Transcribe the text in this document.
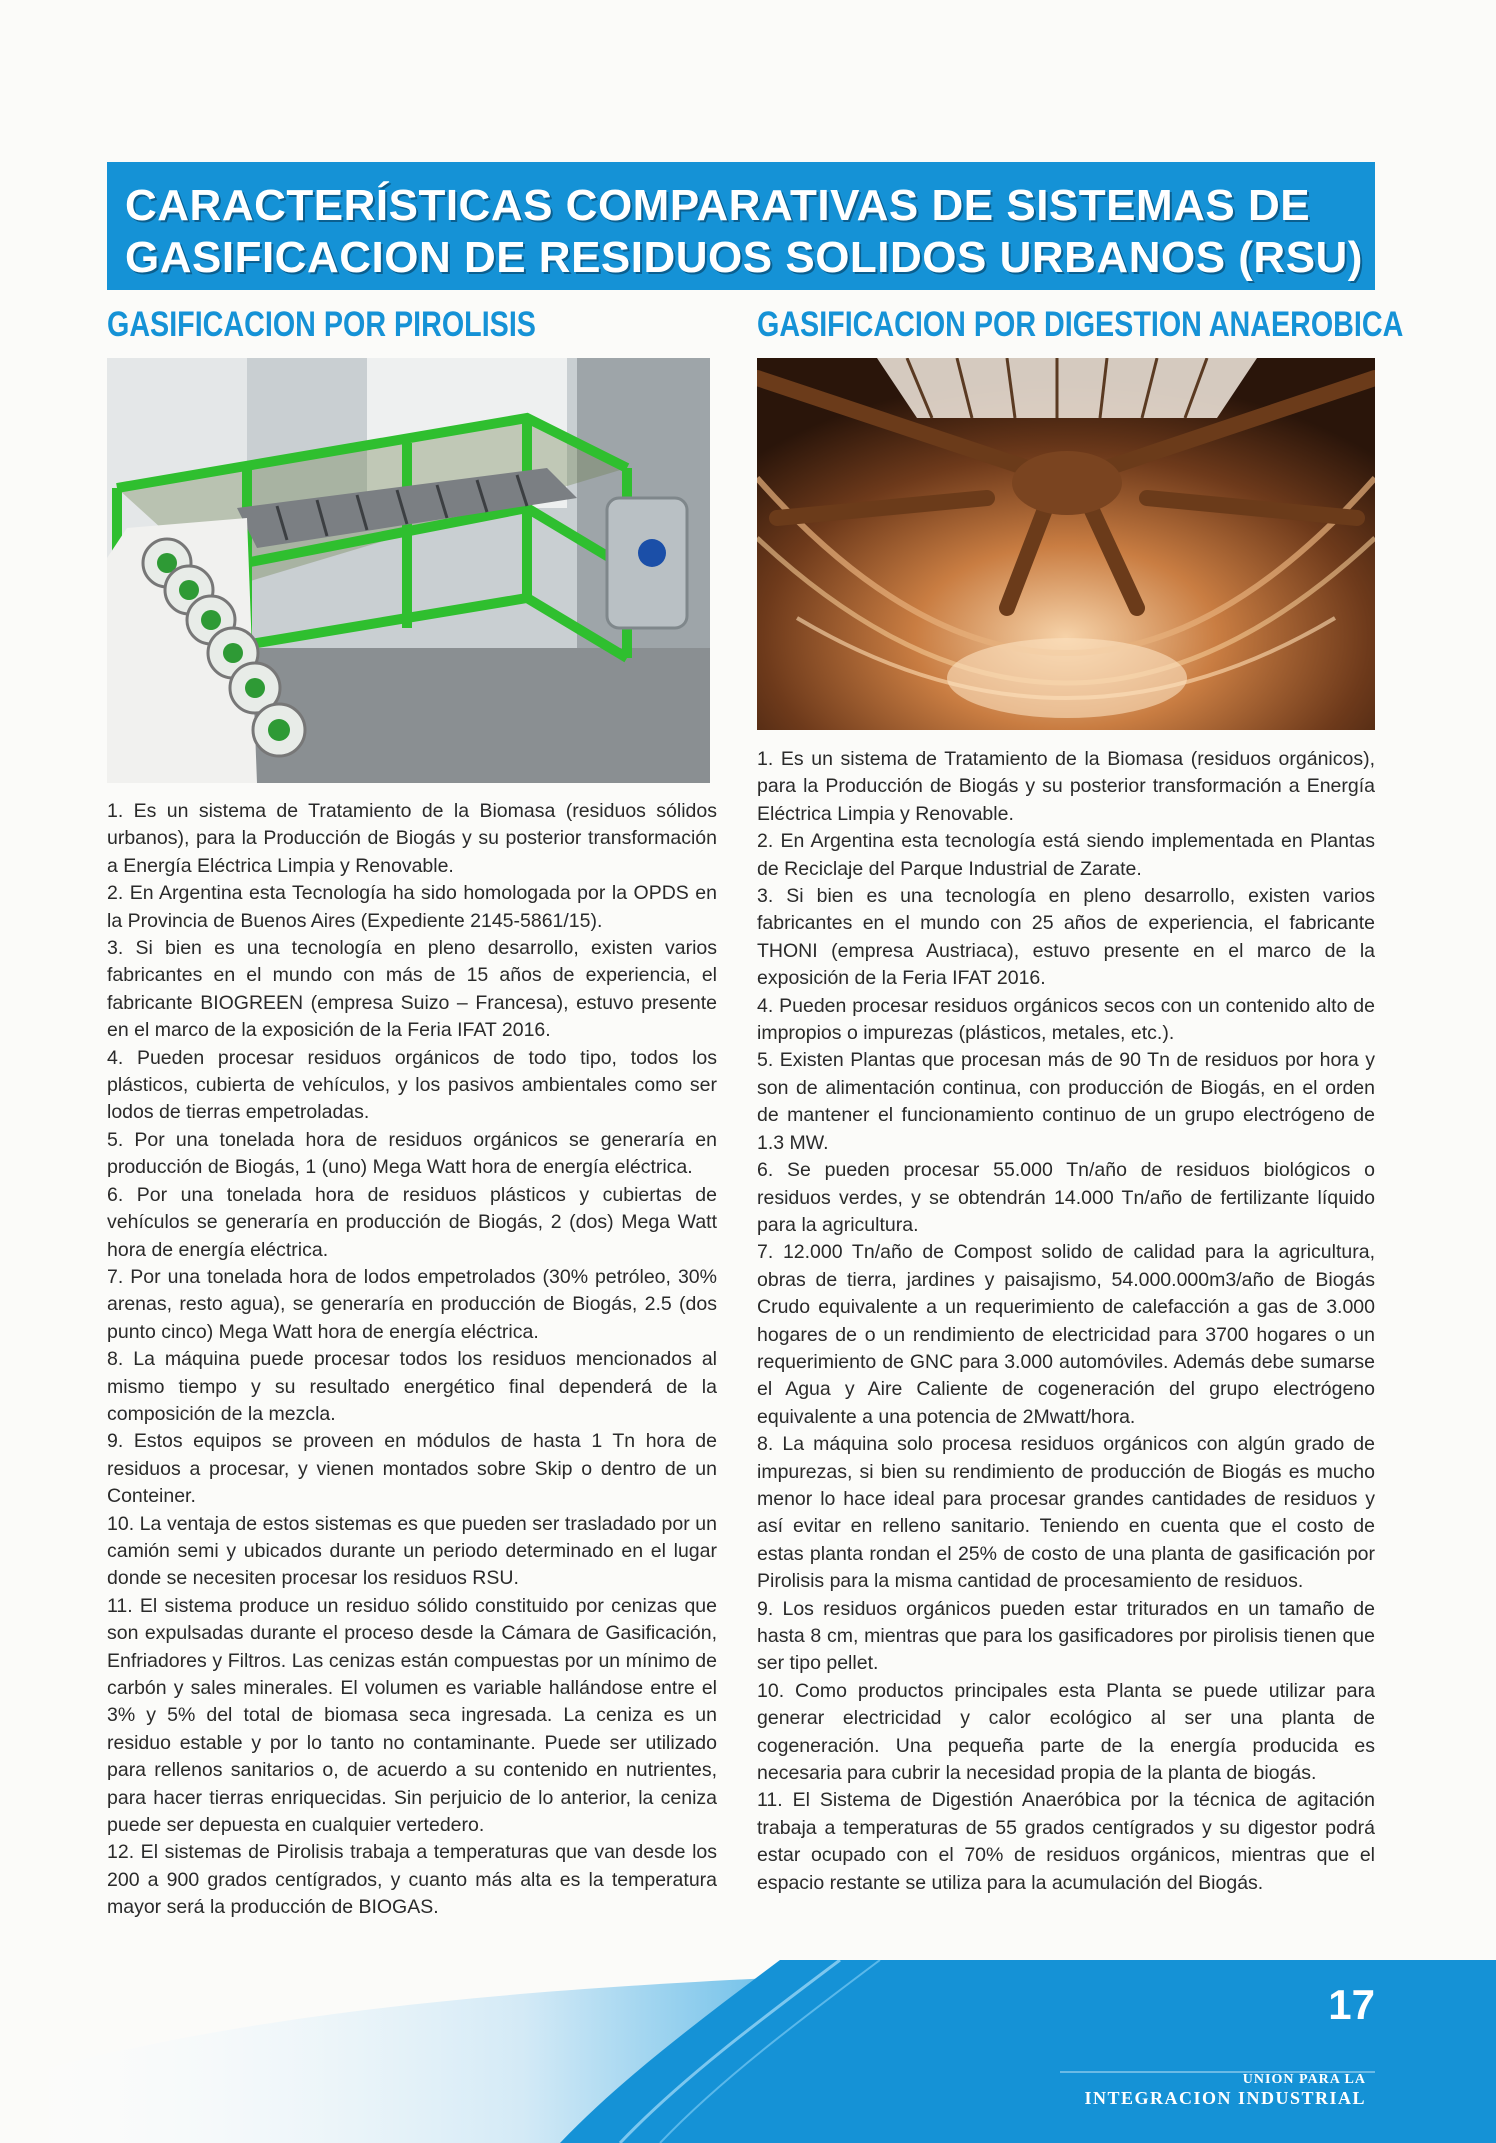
CARACTERÍSTICAS COMPARATIVAS DE SISTEMAS DE
GASIFICACION DE RESIDUOS SOLIDOS URBANOS (RSU)
GASIFICACION POR PIROLISIS	GASIFICACION POR DIGESTION ANAEROBICA

1. Es un sistema de Tratamiento de la Biomasa (residuos sólidos urbanos), para la Producción de Biogás y su posterior transformación a Energía Eléctrica Limpia y Renovable.

2. En Argentina esta Tecnología ha sido homologada por la OPDS en la Provincia de Buenos Aires (Expediente 2145-5861/15).

3. Si bien es una tecnología en pleno desarrollo, existen varios fabricantes en el mundo con más de 15 años de experiencia, el fabricante BIOGREEN (empresa Suizo – Francesa), estuvo presente en el marco de la exposición de la Feria IFAT 2016.

4. Pueden procesar residuos orgánicos de todo tipo, todos los plásticos, cubierta de vehículos, y los pasivos ambientales como ser lodos de tierras empetroladas.

5. Por una tonelada hora de residuos orgánicos se generaría en producción de Biogás, 1 (uno) Mega Watt hora de energía eléctrica.

6. Por una tonelada hora de residuos plásticos y cubiertas de vehículos se generaría en producción de Biogás, 2 (dos) Mega Watt hora de energía eléctrica.

7. Por una tonelada hora de lodos empetrolados (30% petróleo, 30% arenas, resto agua), se generaría en producción de Biogás, 2.5 (dos punto cinco) Mega Watt hora de energía eléctrica.

8. La máquina puede procesar todos los residuos mencionados al mismo tiempo y su resultado energético final dependerá de la composición de la mezcla.

9. Estos equipos se proveen en módulos de hasta 1 Tn hora de residuos a procesar, y vienen montados sobre Skip o dentro de un Conteiner.

10. La ventaja de estos sistemas es que pueden ser trasladado por un camión semi y ubicados durante un periodo determinado en el lugar donde se necesiten procesar los residuos RSU.

11. El sistema produce un residuo sólido constituido por cenizas que son expulsadas durante el proceso desde la Cámara de Gasificación, Enfriadores y Filtros. Las cenizas están compuestas por un mínimo de carbón y sales minerales. El volumen es variable hallándose entre el 3% y 5% del total de biomasa seca ingresada. La ceniza es un residuo estable y por lo tanto no contaminante. Puede ser utilizado para rellenos sanitarios o, de acuerdo a su contenido en nutrientes, para hacer tierras enriquecidas. Sin perjuicio de lo anterior, la ceniza puede ser depuesta en cualquier vertedero.

12. El sistemas de Pirolisis trabaja a temperaturas que van desde los 200 a 900 grados centígrados, y cuanto más alta es la temperatura mayor será la producción de BIOGAS.

1. Es un sistema de Tratamiento de la Biomasa (residuos orgánicos), para la Producción de Biogás y su posterior transformación a Energía Eléctrica Limpia y Renovable.

2. En Argentina esta tecnología está siendo implementada en Plantas de Reciclaje del Parque Industrial de Zarate.

3. Si bien es una tecnología en pleno desarrollo, existen varios fabricantes en el mundo con 25 años de experiencia, el fabricante THONI (empresa Austriaca), estuvo presente en el marco de la exposición de la Feria IFAT 2016.

4. Pueden procesar residuos orgánicos secos con un contenido alto de impropios o impurezas (plásticos, metales, etc.).

5. Existen Plantas que procesan más de 90 Tn de residuos por hora y son de alimentación continua, con producción de Biogás, en el orden de mantener el funcionamiento continuo de un grupo electrógeno de 1.3 MW.

6. Se pueden procesar 55.000 Tn/año de residuos biológicos o residuos verdes, y se obtendrán 14.000 Tn/año de fertilizante líquido para la agricultura.

7. 12.000 Tn/año de Compost solido de calidad para la agricultura, obras de tierra, jardines y paisajismo, 54.000.000m3/año de Biogás Crudo equivalente a un requerimiento de calefacción a gas de 3.000 hogares de o un rendimiento de electricidad para 3700 hogares o un requerimiento de GNC para 3.000 automóviles. Además debe sumarse el Agua y Aire Caliente de cogeneración del grupo electrógeno equivalente a una potencia de 2Mwatt/hora.

8. La máquina solo procesa residuos orgánicos con algún grado de impurezas, si bien su rendimiento de producción de Biogás es mucho menor lo hace ideal para procesar grandes cantidades de residuos y así evitar en relleno sanitario. Teniendo en cuenta que el costo de estas planta rondan el 25% de costo de una planta de gasificación por Pirolisis para la misma cantidad de procesamiento de residuos.

9. Los residuos orgánicos pueden estar triturados en un tamaño de hasta 8 cm, mientras que para los gasificadores por pirolisis tienen que ser tipo pellet.

10. Como productos principales esta Planta se puede utilizar para generar electricidad y calor ecológico al ser una planta de cogeneración. Una pequeña parte de la energía producida es necesaria para cubrir la necesidad propia de la planta de biogás.

11. El Sistema de Digestión Anaeróbica por la técnica de agitación trabaja a temperaturas de 55 grados centígrados y su digestor podrá estar ocupado con el 70% de residuos orgánicos, mientras que el espacio restante se utiliza para la acumulación del Biogás.

17
UNION PARA LA
INTEGRACION INDUSTRIAL
